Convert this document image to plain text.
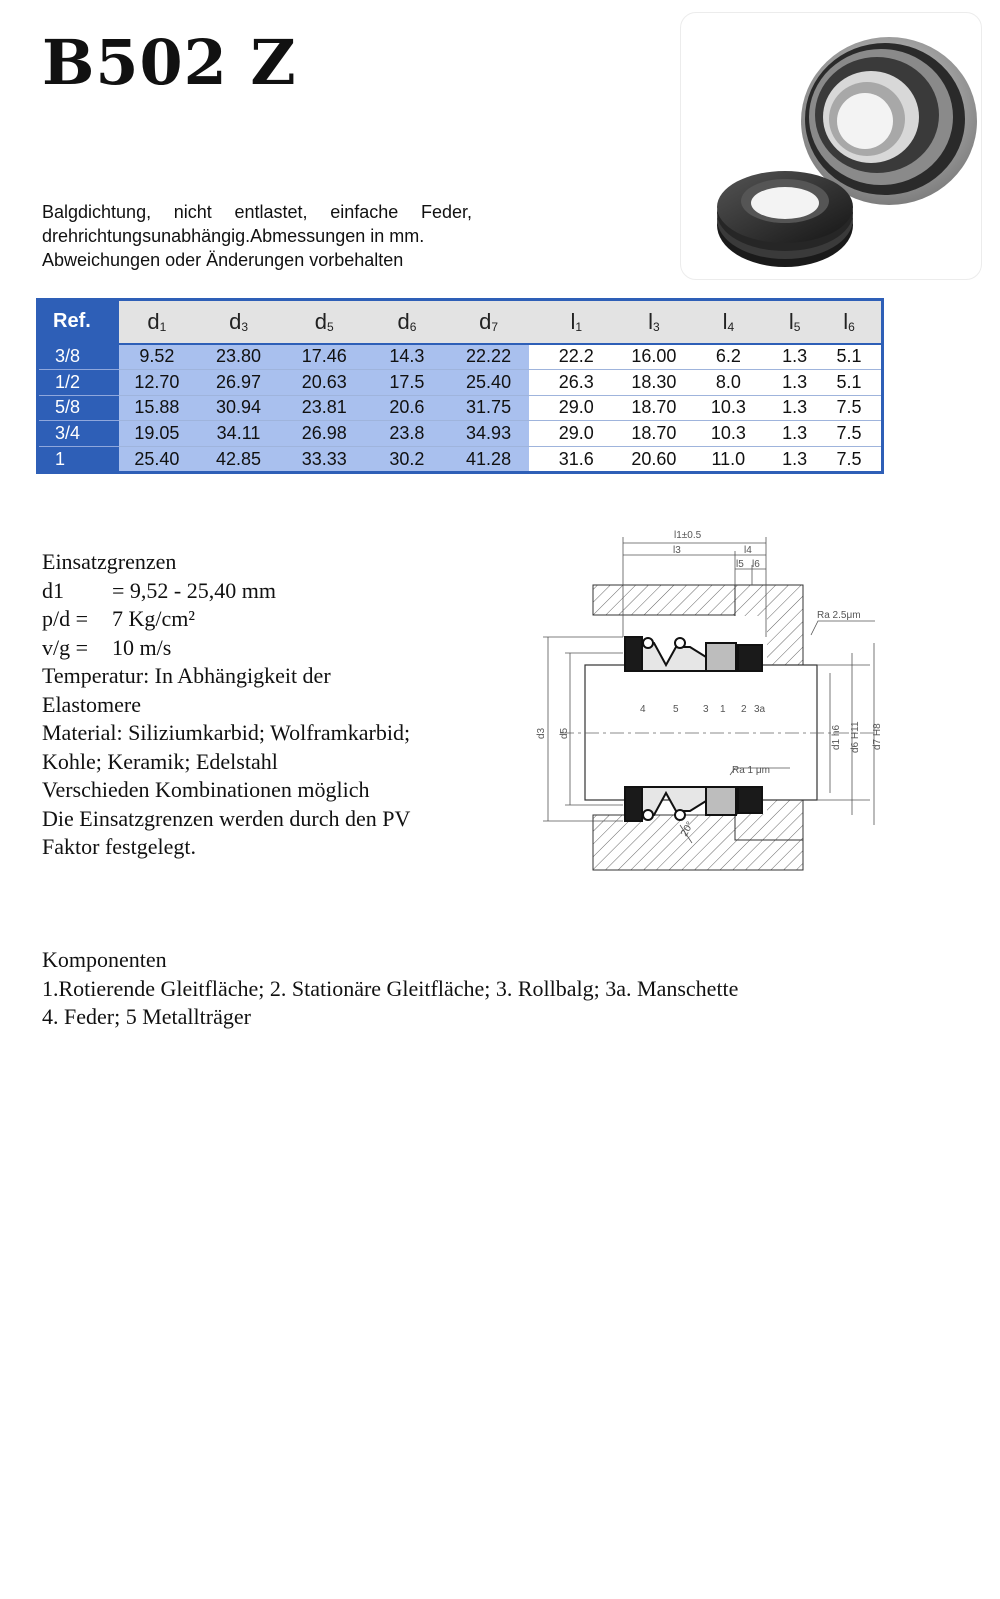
B502 Z
Balgdichtung, nicht entlastet, einfache Feder,
drehrichtungsunabhängig.Abmessungen in mm.
Abweichungen oder Änderungen vorbehalten
Ref.	$d_1$	$d_3$	$d_5$	$d_6$	$d_7$	$l_1$	$l_3$	$l_4$	$l_5$	$l_6$
3/8	9.52	23.80	17.46	14.3	22.22	22.2	16.00	6.2	1.3	5.1
1/2	12.70	26.97	20.63	17.5	25.40	26.3	18.30	8.0	1.3	5.1
5/8	15.88	30.94	23.81	20.6	31.75	29.0	18.70	10.3	1.3	7.5
3/4	19.05	34.11	26.98	23.8	34.93	29.0	18.70	10.3	1.3	7.5
1	25.40	42.85	33.33	30.2	41.28	31.6	20.60	11.0	1.3	7.5
Einsatzgrenzen
d1 = 9,52 - 25,40 mm
p/d = 7 Kg/cm²
v/g = 10 m/s
Temperatur: In Abhängigkeit der
Elastomere
Material: Siliziumkarbid; Wolframkarbid;
Kohle; Keramik; Edelstahl
Verschieden Kombinationen möglich
Die Einsatzgrenzen werden durch den PV
Faktor festgelegt.
l1±0.5
l3	l4
l5 l6
Ra 2.5μm
Ra 1 μm
20°
4	5 3 1 2 3a
d3 d5	d1 h6 d6 H11 d7 H8
Komponenten
1.Rotierende Gleitfläche; 2. Stationäre Gleitfläche; 3. Rollbalg; 3a. Manschette
4. Feder; 5 Metallträger
